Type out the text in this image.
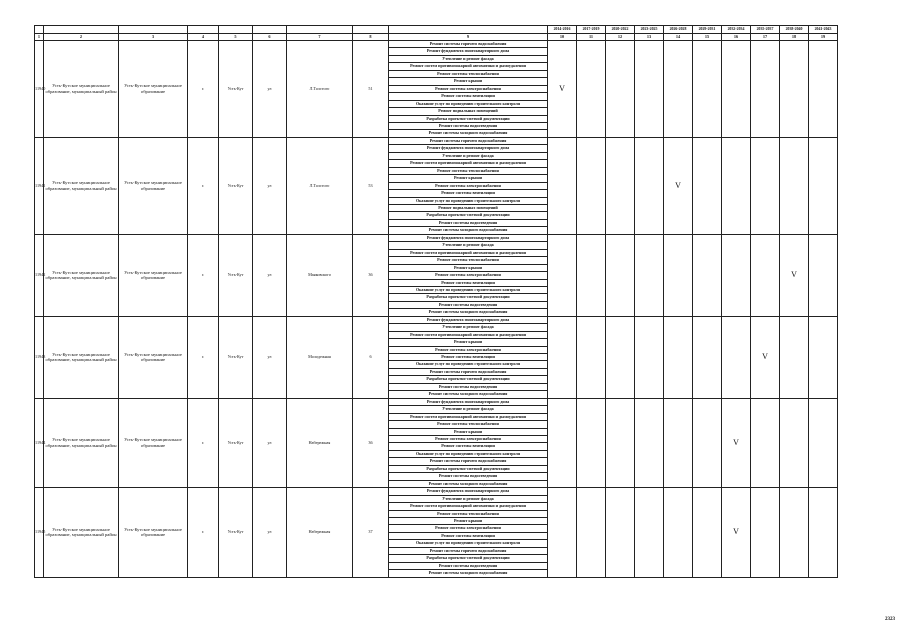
									2014-2016	2017-2019	2020-2022	2023-2025	2026-2028	2029-2031	2032-2034	2035-2037	2038-2040	2041-2043
1	2	3	4	5	6	7	8	9	10	11	12	13	14	15	16	17	18	19
11940	Усть-Кутское муниципальное образование, муниципальный район	Усть-Кутское муниципальное образование	г.	Усть-Кут	ул	Л.Толстого	51	Ремонт системы горячего водоснабжения	V									
								Ремонт фундамента многоквартирного дома										
								Утепление и ремонт фасада										
								Ремонт систем противопожарной автоматики и дымоудаления										
								Ремонт системы теплоснабжения										
								Ремонт крыши										
								Ремонт системы электроснабжения										
								Ремонт системы вентиляции										
								Оказание услуг по проведению строительного контроля										
								Ремонт подвальных помещений										
								Разработка проектно-сметной документации										
								Ремонт системы водоотведения										
								Ремонт системы холодного водоснабжения										
11941	Усть-Кутское муниципальное образование, муниципальный район	Усть-Кутское муниципальное образование	г.	Усть-Кут	ул	Л.Толстого	53	Ремонт системы горячего водоснабжения					V					
								Ремонт фундамента многоквартирного дома										
								Утепление и ремонт фасада										
								Ремонт систем противопожарной автоматики и дымоудаления										
								Ремонт системы теплоснабжения										
								Ремонт крыши										
								Ремонт системы электроснабжения										
								Ремонт системы вентиляции										
								Оказание услуг по проведению строительного контроля										
								Ремонт подвальных помещений										
								Разработка проектно-сметной документации										
								Ремонт системы водоотведения										
								Ремонт системы холодного водоснабжения										
11942	Усть-Кутское муниципальное образование, муниципальный район	Усть-Кутское муниципальное образование	г.	Усть-Кут	ул	Маяковского	36	Ремонт фундамента многоквартирного дома									V	
								Утепление и ремонт фасада										
								Ремонт систем противопожарной автоматики и дымоудаления										
								Ремонт системы теплоснабжения										
								Ремонт крыши										
								Ремонт системы электроснабжения										
								Ремонт системы вентиляции										
								Оказание услуг по проведению строительного контроля										
								Разработка проектно-сметной документации										
								Ремонт системы водоотведения										
								Ремонт системы холодного водоснабжения										
11943	Усть-Кутское муниципальное образование, муниципальный район	Усть-Кутское муниципальное образование	г.	Усть-Кут	ул	Молодежная	6	Ремонт фундамента многоквартирного дома								V		
								Утепление и ремонт фасада										
								Ремонт систем противопожарной автоматики и дымоудаления										
								Ремонт крыши										
								Ремонт системы электроснабжения										
								Ремонт системы вентиляции										
								Оказание услуг по проведению строительного контроля										
								Ремонт системы горячего водоснабжения										
								Разработка проектно-сметной документации										
								Ремонт системы водоотведения										
								Ремонт системы холодного водоснабжения										
11944	Усть-Кутское муниципальное образование, муниципальный район	Усть-Кутское муниципальное образование	г.	Усть-Кут	ул	Набережная	36	Ремонт фундамента многоквартирного дома							V			
								Утепление и ремонт фасада										
								Ремонт систем противопожарной автоматики и дымоудаления										
								Ремонт системы теплоснабжения										
								Ремонт крыши										
								Ремонт системы электроснабжения										
								Ремонт системы вентиляции										
								Оказание услуг по проведению строительного контроля										
								Ремонт системы горячего водоснабжения										
								Разработка проектно-сметной документации										
								Ремонт системы водоотведения										
								Ремонт системы холодного водоснабжения										
11945	Усть-Кутское муниципальное образование, муниципальный район	Усть-Кутское муниципальное образование	г.	Усть-Кут	ул	Набережная	37	Ремонт фундамента многоквартирного дома							V			
								Утепление и ремонт фасада										
								Ремонт систем противопожарной автоматики и дымоудаления										
								Ремонт системы теплоснабжения										
								Ремонт крыши										
								Ремонт системы электроснабжения										
								Ремонт системы вентиляции										
								Оказание услуг по проведению строительного контроля										
								Ремонт системы горячего водоснабжения										
								Разработка проектно-сметной документации										
								Ремонт системы водоотведения										
								Ремонт системы холодного водоснабжения										
2323
